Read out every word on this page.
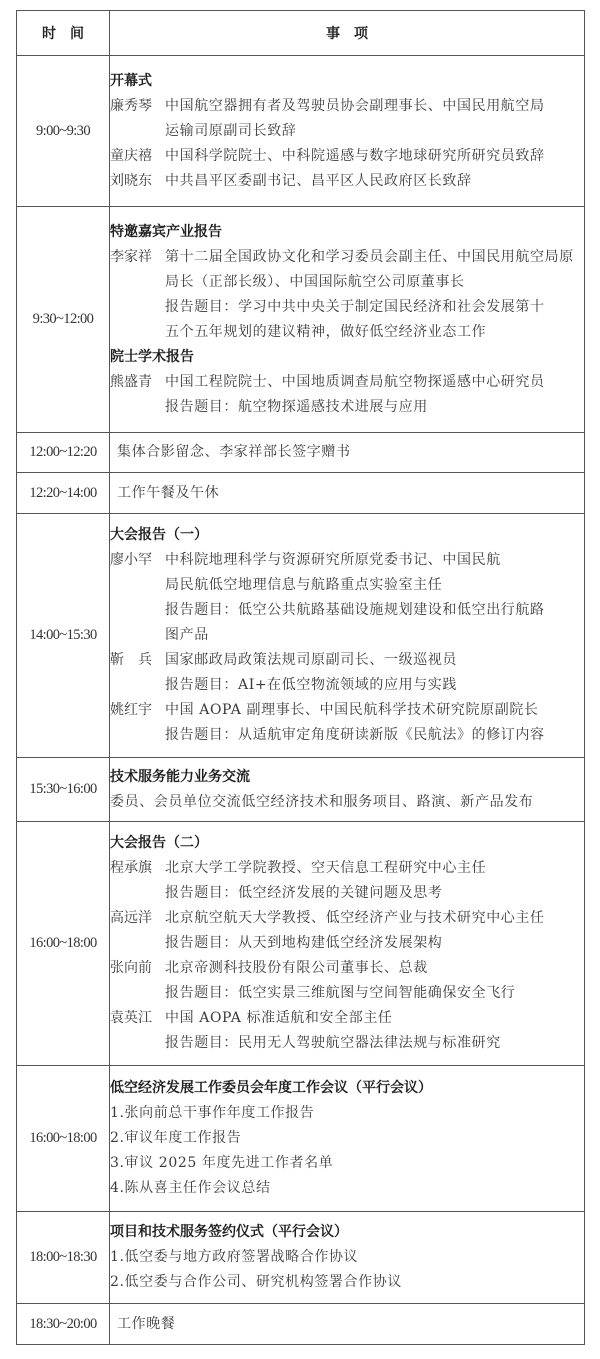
时间	事项
9:00~9:30	
开幕式
廉秀琴 中国航空器拥有者及驾驶员协会副理事长、中国民用航空局
运输司原副司长致辞
童庆禧 中国科学院院士、中科院遥感与数字地球研究所研究员致辞
刘晓东 中共昌平区委副书记、昌平区人民政府区长致辞

9:30~12:00	
特邀嘉宾产业报告
李家祥 第十二届全国政协文化和学习委员会副主任、中国民用航空局原
局长（正部长级）、中国国际航空公司原董事长
报告题目：学习中共中央关于制定国民经济和社会发展第十
五个五年规划的建议精神，做好低空经济业态工作
院士学术报告
熊盛青 中国工程院院士、中国地质调查局航空物探遥感中心研究员
报告题目：航空物探遥感技术进展与应用

12:00~12:20	集体合影留念、李家祥部长签字赠书

12:20~14:00	工作午餐及午休

14:00~15:30	
大会报告（一）
廖小罕 中科院地理科学与资源研究所原党委书记、中国民航
局民航低空地理信息与航路重点实验室主任
报告题目：低空公共航路基础设施规划建设和低空出行航路
图产品
靳　兵 国家邮政局政策法规司原副司长、一级巡视员
报告题目：AI+在低空物流领域的应用与实践
姚红宇 中国 AOPA 副理事长、中国民航科学技术研究院原副院长
报告题目：从适航审定角度研读新版《民航法》的修订内容

15:30~16:00	技术服务能力业务交流
委员、会员单位交流低空经济技术和服务项目、路演、新产品发布

16:00~18:00	
大会报告（二）
程承旗 北京大学工学院教授、空天信息工程研究中心主任
报告题目：低空经济发展的关键问题及思考
高远洋 北京航空航天大学教授、低空经济产业与技术研究中心主任
报告题目：从天到地构建低空经济发展架构
张向前 北京帝测科技股份有限公司董事长、总裁
报告题目：低空实景三维航图与空间智能确保安全飞行
袁英江 中国 AOPA 标准适航和安全部主任
报告题目：民用无人驾驶航空器法律法规与标准研究

16:00~18:00	低空经济发展工作委员会年度工作会议（平行会议）
1.张向前总干事作年度工作报告
2.审议年度工作报告
3.审议 2025 年度先进工作者名单
4.陈从喜主任作会议总结

18:00~18:30	项目和技术服务签约仪式（平行会议）
1.低空委与地方政府签署战略合作协议
2.低空委与合作公司、研究机构签署合作协议

18:30~20:00	工作晚餐
